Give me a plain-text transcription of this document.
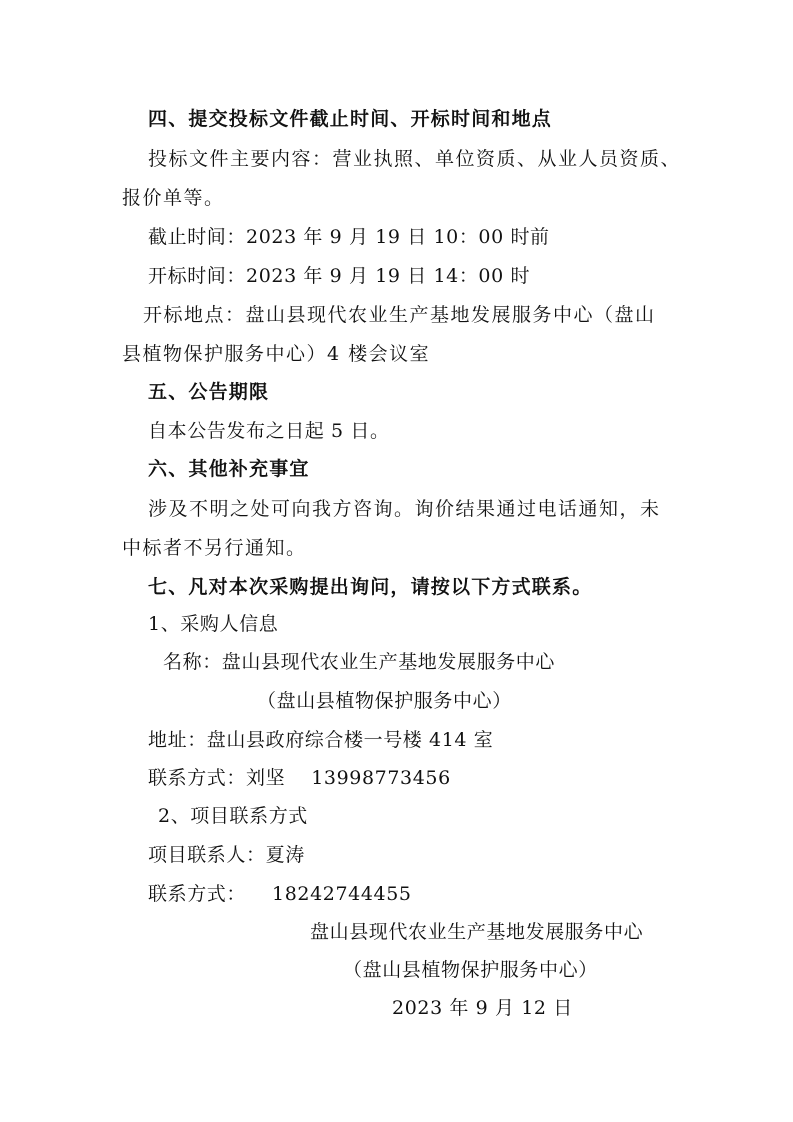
四、提交投标文件截止时间、开标时间和地点
投标文件主要内容：营业执照、单位资质、从业人员资质、
报价单等。
截止时间：2023 年 9 月 19 日 10：00 时前
开标时间：2023 年 9 月 19 日 14：00 时
开标地点：盘山县现代农业生产基地发展服务中心（盘山
县植物保护服务中心）4 楼会议室
五、公告期限
自本公告发布之日起 5 日。
六、其他补充事宜
涉及不明之处可向我方咨询。询价结果通过电话通知，未
中标者不另行通知。
七、凡对本次采购提出询问，请按以下方式联系。
1、采购人信息
名称：盘山县现代农业生产基地发展服务中心
（盘山县植物保护服务中心）
地址：盘山县政府综合楼一号楼 414 室
联系方式：刘坚 13998773456
2、项目联系方式
项目联系人：夏涛
联系方式： 18242744455
盘山县现代农业生产基地发展服务中心
（盘山县植物保护服务中心）
2023 年 9 月 12 日
